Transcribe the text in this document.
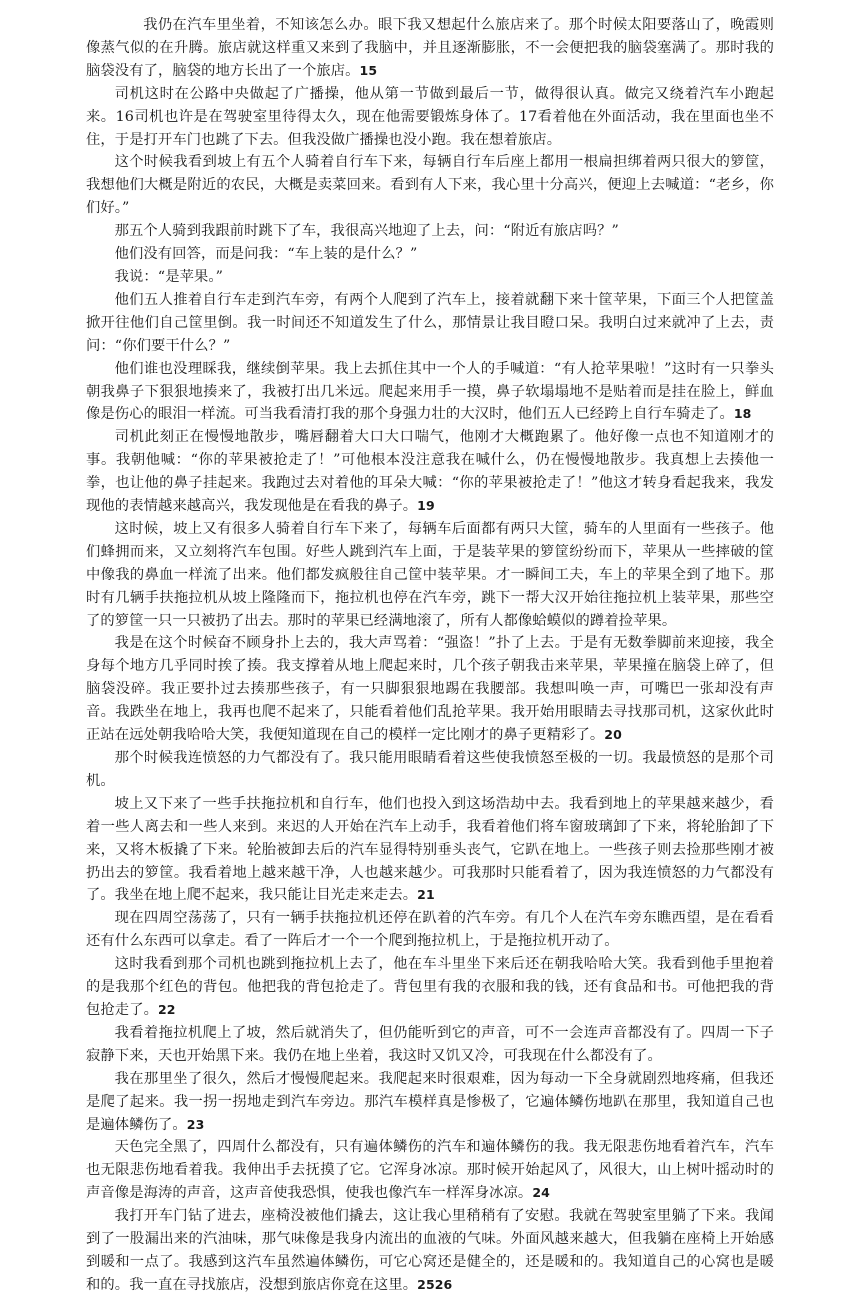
我仍在汽车里坐着，不知该怎么办。眼下我又想起什么旅店来了。那个时候太阳要落山了，晚霞则像蒸气似的在升腾。旅店就这样重又来到了我脑中，并且逐渐膨胀，不一会便把我的脑袋塞满了。那时我的脑袋没有了，脑袋的地方长出了一个旅店。15

司机这时在公路中央做起了广播操，他从第一节做到最后一节，做得很认真。做完又绕着汽车小跑起来。16司机也许是在驾驶室里待得太久，现在他需要锻炼身体了。17看着他在外面活动，我在里面也坐不住，于是打开车门也跳了下去。但我没做广播操也没小跑。我在想着旅店。

这个时候我看到坡上有五个人骑着自行车下来，每辆自行车后座上都用一根扁担绑着两只很大的箩筐，我想他们大概是附近的农民，大概是卖菜回来。看到有人下来，我心里十分高兴，便迎上去喊道：“老乡，你们好。”

那五个人骑到我跟前时跳下了车，我很高兴地迎了上去，问：“附近有旅店吗？”

他们没有回答，而是问我：“车上装的是什么？”

我说：“是苹果。”

他们五人推着自行车走到汽车旁，有两个人爬到了汽车上，接着就翻下来十筐苹果，下面三个人把筐盖掀开往他们自己筐里倒。我一时间还不知道发生了什么，那情景让我目瞪口呆。我明白过来就冲了上去，责问：“你们要干什么？”

他们谁也没理睬我，继续倒苹果。我上去抓住其中一个人的手喊道：“有人抢苹果啦！”这时有一只拳头朝我鼻子下狠狠地揍来了，我被打出几米远。爬起来用手一摸，鼻子软塌塌地不是贴着而是挂在脸上，鲜血像是伤心的眼泪一样流。可当我看清打我的那个身强力壮的大汉时，他们五人已经跨上自行车骑走了。18

司机此刻正在慢慢地散步，嘴唇翻着大口大口喘气，他刚才大概跑累了。他好像一点也不知道刚才的事。我朝他喊：“你的苹果被抢走了！”可他根本没注意我在喊什么，仍在慢慢地散步。我真想上去揍他一拳，也让他的鼻子挂起来。我跑过去对着他的耳朵大喊：“你的苹果被抢走了！”他这才转身看起我来，我发现他的表情越来越高兴，我发现他是在看我的鼻子。19

这时候，坡上又有很多人骑着自行车下来了，每辆车后面都有两只大筐，骑车的人里面有一些孩子。他们蜂拥而来，又立刻将汽车包围。好些人跳到汽车上面，于是装苹果的箩筐纷纷而下，苹果从一些摔破的筐中像我的鼻血一样流了出来。他们都发疯般往自己筐中装苹果。才一瞬间工夫，车上的苹果全到了地下。那时有几辆手扶拖拉机从坡上隆隆而下，拖拉机也停在汽车旁，跳下一帮大汉开始往拖拉机上装苹果，那些空了的箩筐一只一只被扔了出去。那时的苹果已经满地滚了，所有人都像蛤蟆似的蹲着捡苹果。

我是在这个时候奋不顾身扑上去的，我大声骂着：“强盗！”扑了上去。于是有无数拳脚前来迎接，我全身每个地方几乎同时挨了揍。我支撑着从地上爬起来时，几个孩子朝我击来苹果，苹果撞在脑袋上碎了，但脑袋没碎。我正要扑过去揍那些孩子，有一只脚狠狠地踢在我腰部。我想叫唤一声，可嘴巴一张却没有声音。我跌坐在地上，我再也爬不起来了，只能看着他们乱抢苹果。我开始用眼睛去寻找那司机，这家伙此时正站在远处朝我哈哈大笑，我便知道现在自己的模样一定比刚才的鼻子更精彩了。20

那个时候我连愤怒的力气都没有了。我只能用眼睛看着这些使我愤怒至极的一切。我最愤怒的是那个司机。

坡上又下来了一些手扶拖拉机和自行车，他们也投入到这场浩劫中去。我看到地上的苹果越来越少，看着一些人离去和一些人来到。来迟的人开始在汽车上动手，我看着他们将车窗玻璃卸了下来，将轮胎卸了下来，又将木板撬了下来。轮胎被卸去后的汽车显得特别垂头丧气，它趴在地上。一些孩子则去捡那些刚才被扔出去的箩筐。我看着地上越来越干净，人也越来越少。可我那时只能看着了，因为我连愤怒的力气都没有了。我坐在地上爬不起来，我只能让目光走来走去。21

现在四周空荡荡了，只有一辆手扶拖拉机还停在趴着的汽车旁。有几个人在汽车旁东瞧西望，是在看看还有什么东西可以拿走。看了一阵后才一个一个爬到拖拉机上，于是拖拉机开动了。

这时我看到那个司机也跳到拖拉机上去了，他在车斗里坐下来后还在朝我哈哈大笑。我看到他手里抱着的是我那个红色的背包。他把我的背包抢走了。背包里有我的衣服和我的钱，还有食品和书。可他把我的背包抢走了。22

我看着拖拉机爬上了坡，然后就消失了，但仍能听到它的声音，可不一会连声音都没有了。四周一下子寂静下来，天也开始黑下来。我仍在地上坐着，我这时又饥又冷，可我现在什么都没有了。

我在那里坐了很久，然后才慢慢爬起来。我爬起来时很艰难，因为每动一下全身就剧烈地疼痛，但我还是爬了起来。我一拐一拐地走到汽车旁边。那汽车模样真是惨极了，它遍体鳞伤地趴在那里，我知道自己也是遍体鳞伤了。23

天色完全黑了，四周什么都没有，只有遍体鳞伤的汽车和遍体鳞伤的我。我无限悲伤地看着汽车，汽车也无限悲伤地看着我。我伸出手去抚摸了它。它浑身冰凉。那时候开始起风了，风很大，山上树叶摇动时的声音像是海涛的声音，这声音使我恐惧，使我也像汽车一样浑身冰凉。24

我打开车门钻了进去，座椅没被他们撬去，这让我心里稍稍有了安慰。我就在驾驶室里躺了下来。我闻到了一股漏出来的汽油味，那气味像是我身内流出的血液的气味。外面风越来越大，但我躺在座椅上开始感到暖和一点了。我感到这汽车虽然遍体鳞伤，可它心窝还是健全的，还是暖和的。我知道自己的心窝也是暖和的。我一直在寻找旅店，没想到旅店你竟在这里。2526
